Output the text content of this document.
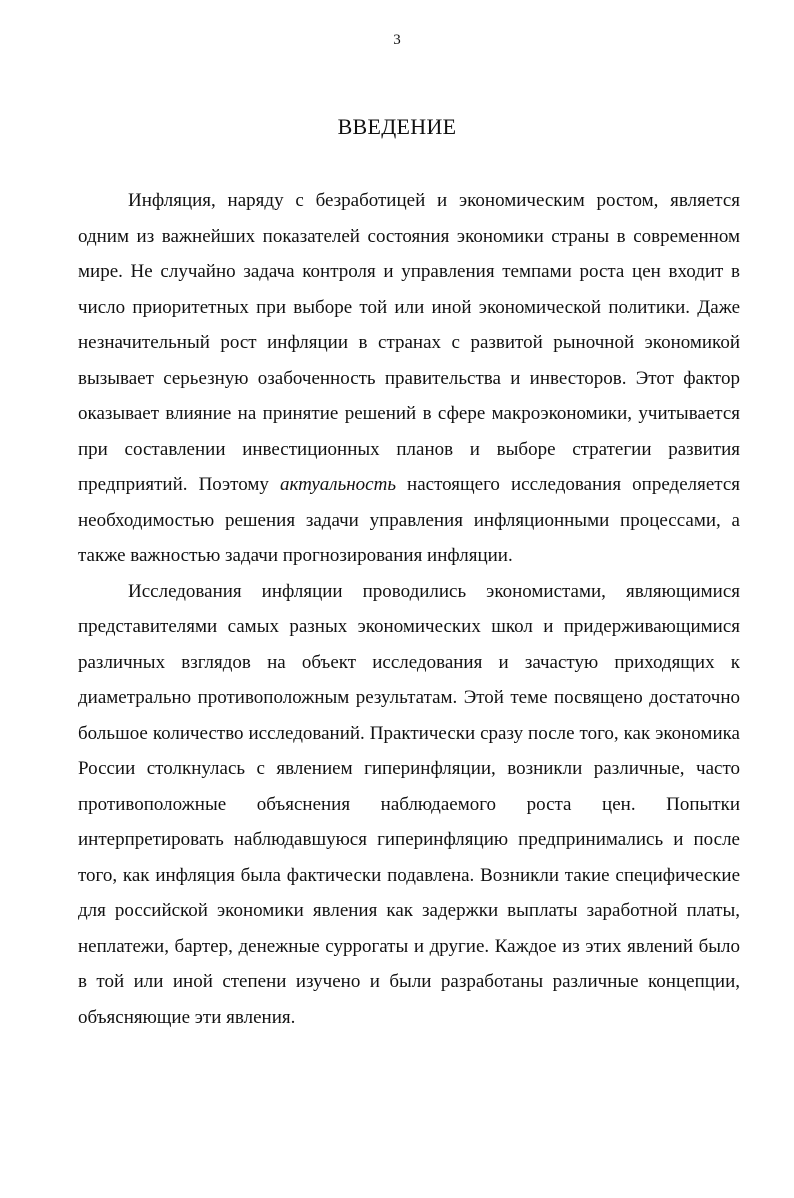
3
ВВЕДЕНИЕ

Инфляция, наряду с безработицей и экономическим ростом, является одним из важнейших показателей состояния экономики страны в современном мире. Не случайно задача контроля и управления темпами роста цен входит в число приоритетных при выборе той или иной экономической политики. Даже незначительный рост инфляции в странах с развитой рыночной экономикой вызывает серьезную озабоченность правительства и инвесторов. Этот фактор оказывает влияние на принятие решений в сфере макроэкономики, учитывается при составлении инвестиционных планов и выборе стратегии развития предприятий. Поэтому актуальность настоящего исследования определяется необходимостью решения задачи управления инфляционными процессами, а также важностью задачи прогнозирования инфляции.

Исследования инфляции проводились экономистами, являющимися представителями самых разных экономических школ и придерживающимися различных взглядов на объект исследования и зачастую приходящих к диаметрально противоположным результатам. Этой теме посвящено достаточно большое количество исследований. Практически сразу после того, как экономика России столкнулась с явлением гиперинфляции, возникли различные, часто противоположные объяснения наблюдаемого роста цен. Попытки интерпретировать наблюдавшуюся гиперинфляцию предпринимались и после того, как инфляция была фактически подавлена. Возникли такие специфические для российской экономики явления как задержки выплаты заработной платы, неплатежи, бартер, денежные суррогаты и другие. Каждое из этих явлений было в той или иной степени изучено и были разработаны различные концепции, объясняющие эти явления.
